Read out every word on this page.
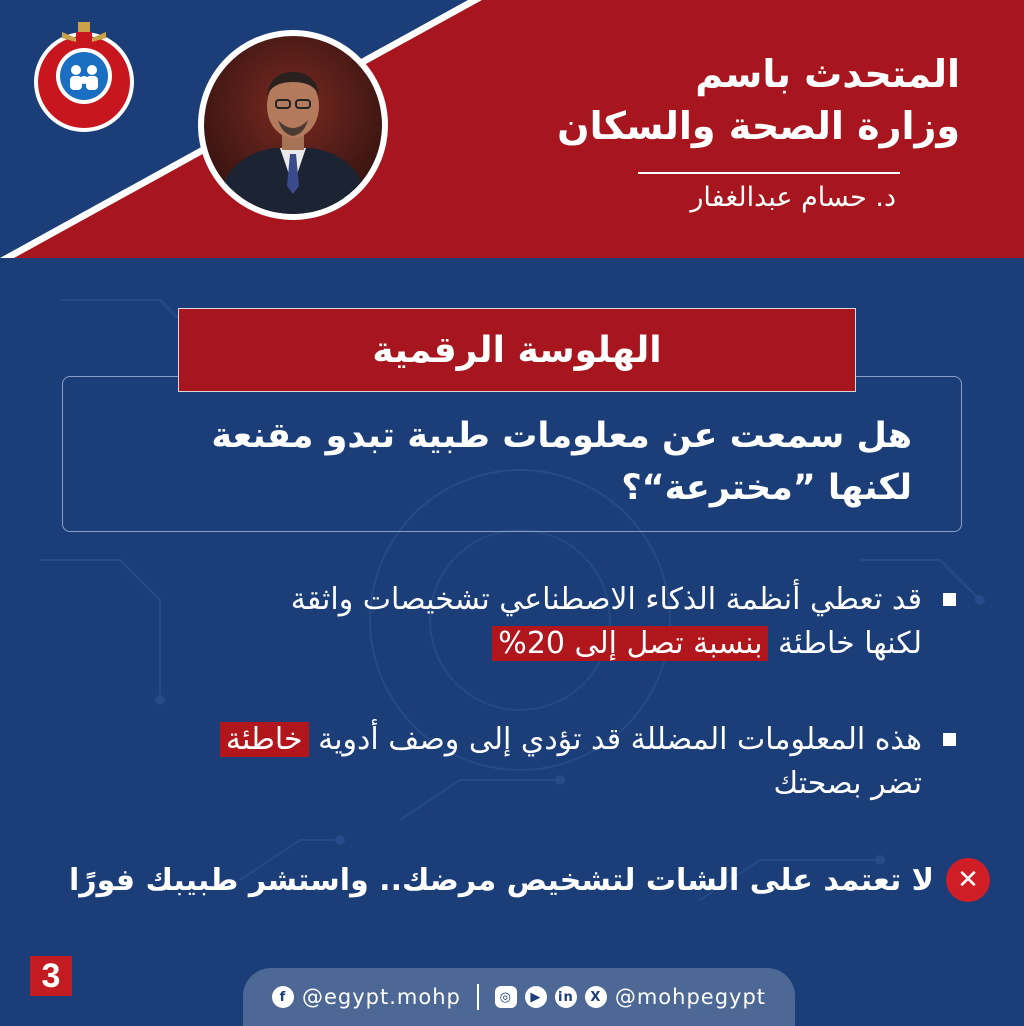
المتحدث باسم
وزارة الصحة والسكان
د. حسام عبدالغفار
الهلوسة الرقمية
هل سمعت عن معلومات طبية تبدو مقنعة
لكنها ”مخترعة“؟
قد تعطي أنظمة الذكاء الاصطناعي تشخيصات واثقة
لكنها خاطئة بنسبة تصل إلى 20%
هذه المعلومات المضللة قد تؤدي إلى وصف أدوية خاطئة
تضر بصحتك
✕
لا تعتمد على الشات لتشخيص مرضك.. واستشر طبيبك فورًا
3
f @egypt.mohp	◎	▶	in	X @mohpegypt
